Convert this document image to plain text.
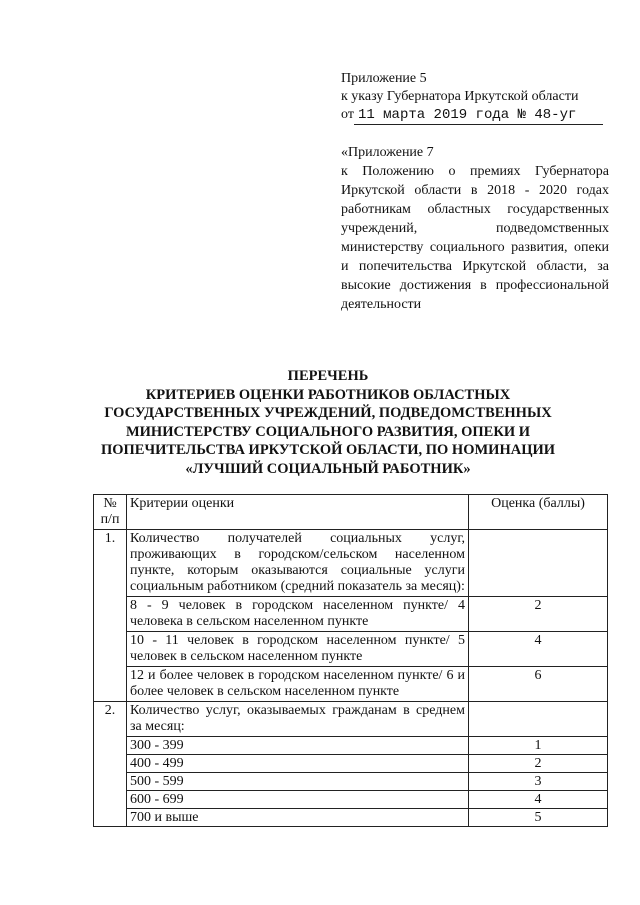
Приложение 5
к указу Губернатора Иркутской области
от 11 марта 2019 года № 48-уг
«Приложение 7
к Положению о премиях Губернатора Иркутской области в 2018 - 2020 годах работникам областных государственных учреждений, подведомственных министерству социального развития, опеки и попечительства Иркутской области, за высокие достижения в профессиональной деятельности
ПЕРЕЧЕНЬ
КРИТЕРИЕВ ОЦЕНКИ РАБОТНИКОВ ОБЛАСТНЫХ
ГОСУДАРСТВЕННЫХ УЧРЕЖДЕНИЙ, ПОДВЕДОМСТВЕННЫХ
МИНИСТЕРСТВУ СОЦИАЛЬНОГО РАЗВИТИЯ, ОПЕКИ И
ПОПЕЧИТЕЛЬСТВА ИРКУТСКОЙ ОБЛАСТИ, ПО НОМИНАЦИИ
«ЛУЧШИЙ СОЦИАЛЬНЫЙ РАБОТНИК»
№ п/п	Критерии оценки	Оценка (баллы)
1.	Количество получателей социальных услуг, проживающих в городском/сельском населенном пункте, которым оказываются социальные услуги социальным работником (средний показатель за месяц):	
	8 - 9 человек в городском населенном пункте/ 4 человека в сельском населенном пункте	2
	10 - 11 человек в городском населенном пункте/ 5 человек в сельском населенном пункте	4
	12 и более человек в городском населенном пункте/ 6 и более человек в сельском населенном пункте	6
2.	Количество услуг, оказываемых гражданам в среднем за месяц:	
	300 - 399	1
	400 - 499	2
	500 - 599	3
	600 - 699	4
	700 и выше	5
